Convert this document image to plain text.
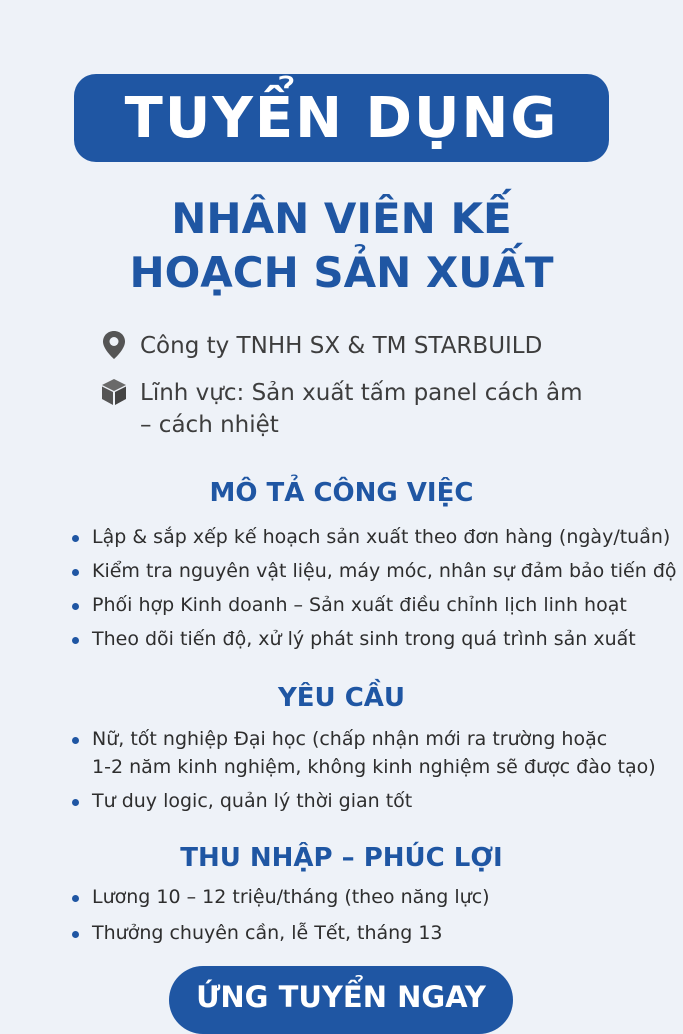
TUYỂN DỤNG
NHÂN VIÊN KẾ
HOẠCH SẢN XUẤT
Công ty TNHH SX & TM STARBUILD
Lĩnh vực: Sản xuất tấm panel cách âm
– cách nhiệt
MÔ TẢ CÔNG VIỆC
Lập & sắp xếp kế hoạch sản xuất theo đơn hàng (ngày/tuần)
Kiểm tra nguyên vật liệu, máy móc, nhân sự đảm bảo tiến độ
Phối hợp Kinh doanh – Sản xuất điều chỉnh lịch linh hoạt
Theo dõi tiến độ, xử lý phát sinh trong quá trình sản xuất
YÊU CẦU
Nữ, tốt nghiệp Đại học (chấp nhận mới ra trường hoặc
1-2 năm kinh nghiệm, không kinh nghiệm sẽ được đào tạo)
Tư duy logic, quản lý thời gian tốt
THU NHẬP – PHÚC LỢI
Lương 10 – 12 triệu/tháng (theo năng lực)
Thưởng chuyên cần, lễ Tết, tháng 13
ỨNG TUYỂN NGAY
